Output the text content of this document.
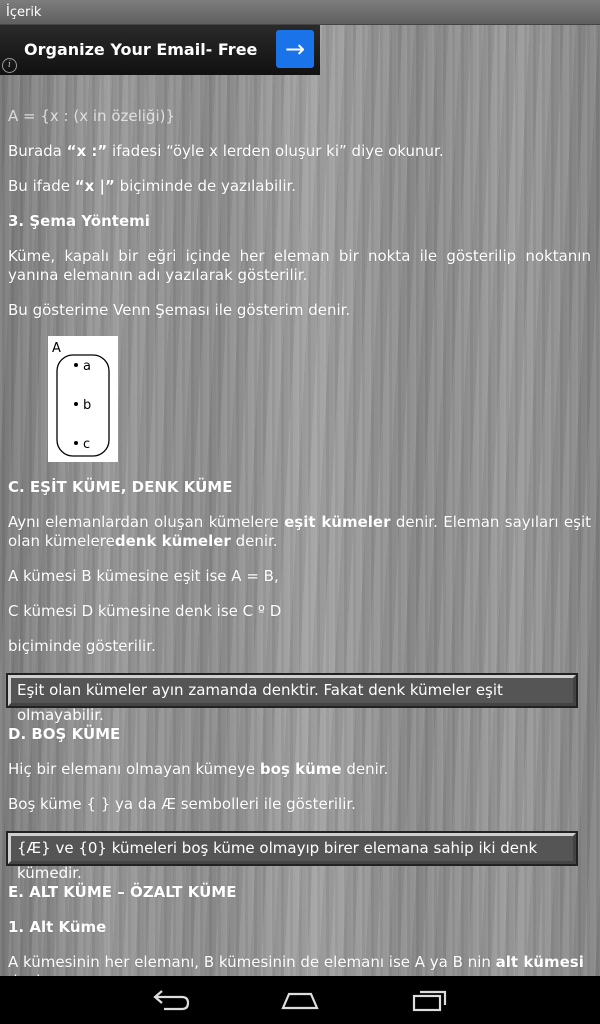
İçerik
Organize Your Email- Free	→
i
A = {x : (x in özeliği)}

Burada “x :” ifadesi “öyle x lerden oluşur ki” diye okunur.

Bu ifade “x |” biçiminde de yazılabilir.

3. Şema Yöntemi

Küme, kapalı bir eğri içinde her eleman bir nokta ile gösterilip noktanın yanına elemanın adı yazılarak gösterilir.

Bu gösterime Venn Şeması ile gösterim denir.

A
a
b
c

C. EŞİT KÜME, DENK KÜME

Aynı elemanlardan oluşan kümelere eşit kümeler denir. Eleman sayıları eşit olan kümeleredenk kümeler denir.

A kümesi B kümesine eşit ise A = B,

C kümesi D kümesine denk ise C º D

biçiminde gösterilir.

Eşit olan kümeler ayın zamanda denktir. Fakat denk kümeler eşit olmayabilir.

D. BOŞ KÜME

Hiç bir elemanı olmayan kümeye boş küme denir.

Boş küme { } ya da Æ sembolleri ile gösterilir.

{Æ} ve {0} kümeleri boş küme olmayıp birer elemana sahip iki denk kümedir.

E. ALT KÜME – ÖZALT KÜME

1. Alt Küme

A kümesinin her elemanı, B kümesinin de elemanı ise A ya B nin alt kümesi
